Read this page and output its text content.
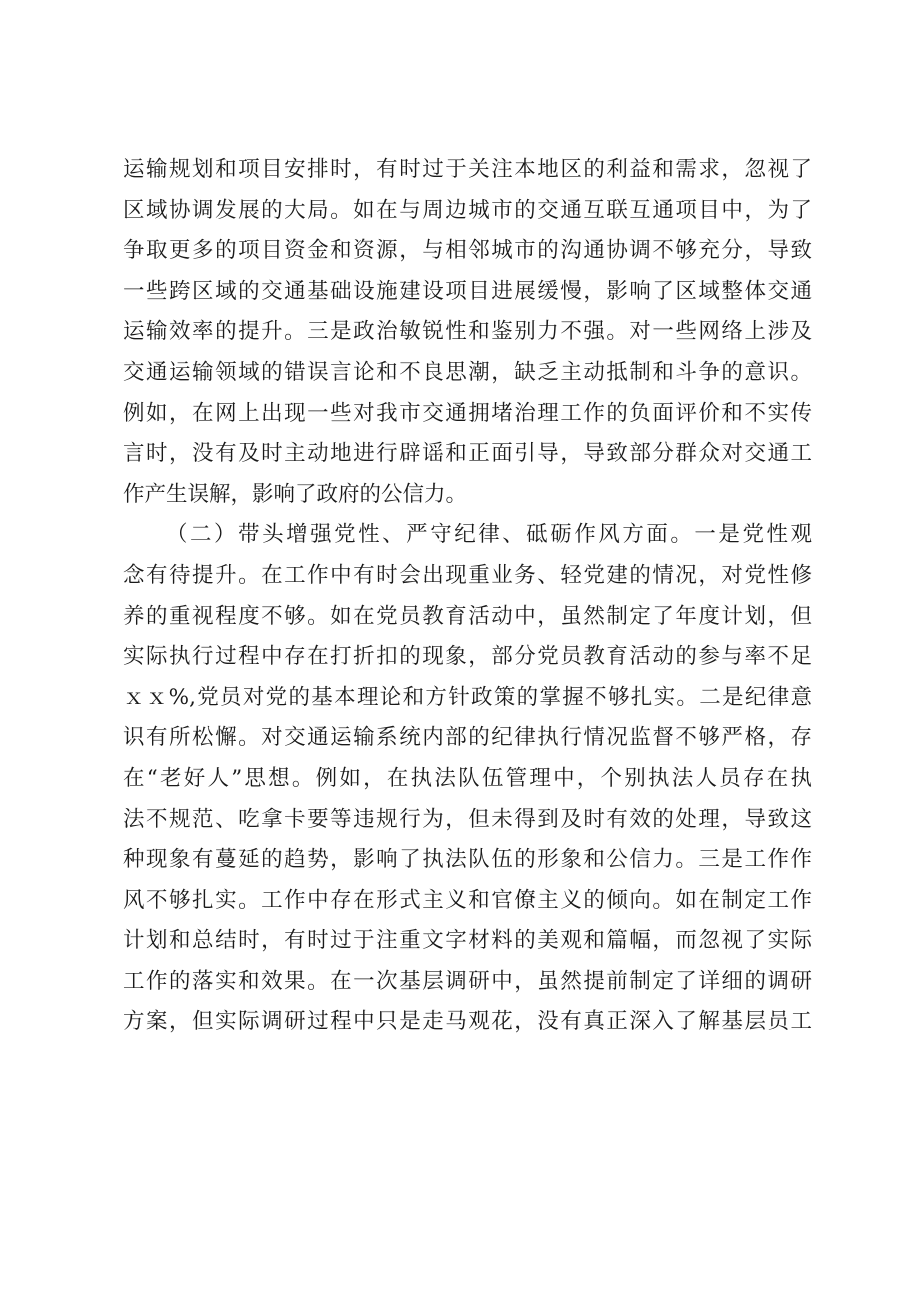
运输规划和项目安排时，有时过于关注本地区的利益和需求，忽视了
区域协调发展的大局。如在与周边城市的交通互联互通项目中，为了
争取更多的项目资金和资源，与相邻城市的沟通协调不够充分，导致
一些跨区域的交通基础设施建设项目进展缓慢，影响了区域整体交通
运输效率的提升。三是政治敏锐性和鉴别力不强。对一些网络上涉及
交通运输领域的错误言论和不良思潮，缺乏主动抵制和斗争的意识。
例如，在网上出现一些对我市交通拥堵治理工作的负面评价和不实传
言时，没有及时主动地进行辟谣和正面引导，导致部分群众对交通工
作产生误解，影响了政府的公信力。
（二）带头增强党性、严守纪律、砥砺作风方面。一是党性观
念有待提升。在工作中有时会出现重业务、轻党建的情况，对党性修
养的重视程度不够。如在党员教育活动中，虽然制定了年度计划，但
实际执行过程中存在打折扣的现象，部分党员教育活动的参与率不足
ｘｘ%,党员对党的基本理论和方针政策的掌握不够扎实。二是纪律意
识有所松懈。对交通运输系统内部的纪律执行情况监督不够严格，存
在“老好人”思想。例如，在执法队伍管理中，个别执法人员存在执
法不规范、吃拿卡要等违规行为，但未得到及时有效的处理，导致这
种现象有蔓延的趋势，影响了执法队伍的形象和公信力。三是工作作
风不够扎实。工作中存在形式主义和官僚主义的倾向。如在制定工作
计划和总结时，有时过于注重文字材料的美观和篇幅，而忽视了实际
工作的落实和效果。在一次基层调研中，虽然提前制定了详细的调研
方案，但实际调研过程中只是走马观花，没有真正深入了解基层员工
